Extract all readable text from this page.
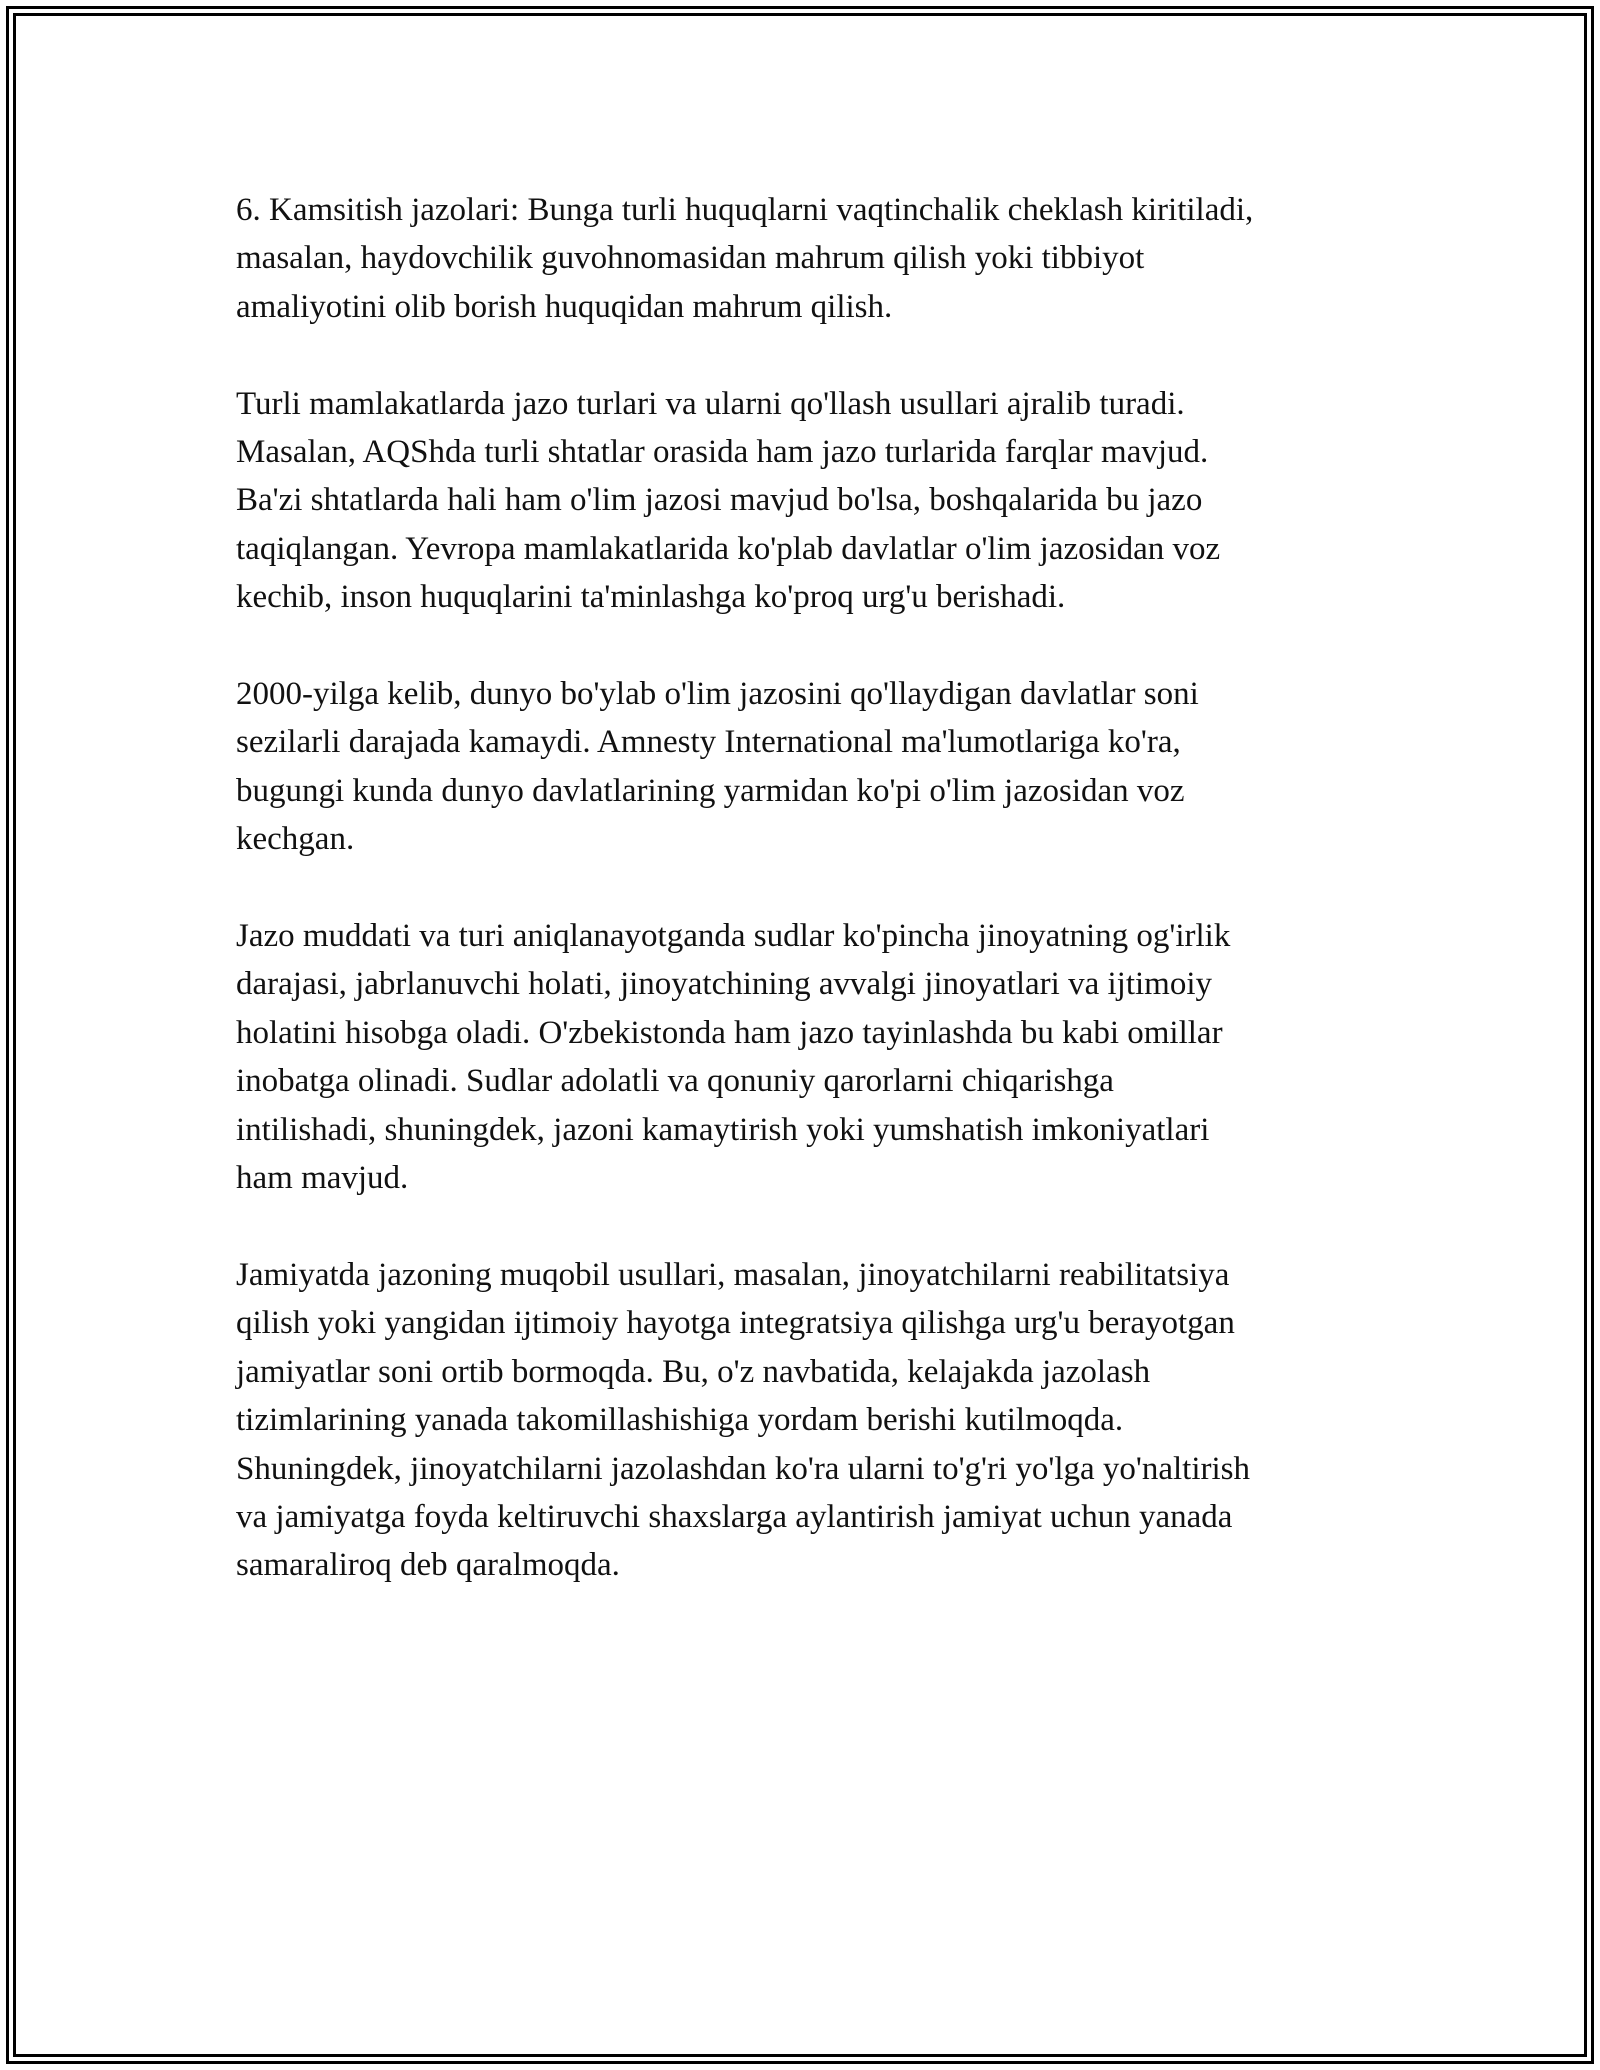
6. Kamsitish jazolari: Bunga turli huquqlarni vaqtinchalik cheklash kiritiladi,
masalan, haydovchilik guvohnomasidan mahrum qilish yoki tibbiyot
amaliyotini olib borish huquqidan mahrum qilish.

Turli mamlakatlarda jazo turlari va ularni qo'llash usullari ajralib turadi.
Masalan, AQShda turli shtatlar orasida ham jazo turlarida farqlar mavjud.
Ba'zi shtatlarda hali ham o'lim jazosi mavjud bo'lsa, boshqalarida bu jazo
taqiqlangan. Yevropa mamlakatlarida ko'plab davlatlar o'lim jazosidan voz
kechib, inson huquqlarini ta'minlashga ko'proq urg'u berishadi.

2000-yilga kelib, dunyo bo'ylab o'lim jazosini qo'llaydigan davlatlar soni
sezilarli darajada kamaydi. Amnesty International ma'lumotlariga ko'ra,
bugungi kunda dunyo davlatlarining yarmidan ko'pi o'lim jazosidan voz
kechgan.

Jazo muddati va turi aniqlanayotganda sudlar ko'pincha jinoyatning og'irlik
darajasi, jabrlanuvchi holati, jinoyatchining avvalgi jinoyatlari va ijtimoiy
holatini hisobga oladi. O'zbekistonda ham jazo tayinlashda bu kabi omillar
inobatga olinadi. Sudlar adolatli va qonuniy qarorlarni chiqarishga
intilishadi, shuningdek, jazoni kamaytirish yoki yumshatish imkoniyatlari
ham mavjud.

Jamiyatda jazoning muqobil usullari, masalan, jinoyatchilarni reabilitatsiya
qilish yoki yangidan ijtimoiy hayotga integratsiya qilishga urg'u berayotgan
jamiyatlar soni ortib bormoqda. Bu, o'z navbatida, kelajakda jazolash
tizimlarining yanada takomillashishiga yordam berishi kutilmoqda.
Shuningdek, jinoyatchilarni jazolashdan ko'ra ularni to'g'ri yo'lga yo'naltirish
va jamiyatga foyda keltiruvchi shaxslarga aylantirish jamiyat uchun yanada
samaraliroq deb qaralmoqda.
